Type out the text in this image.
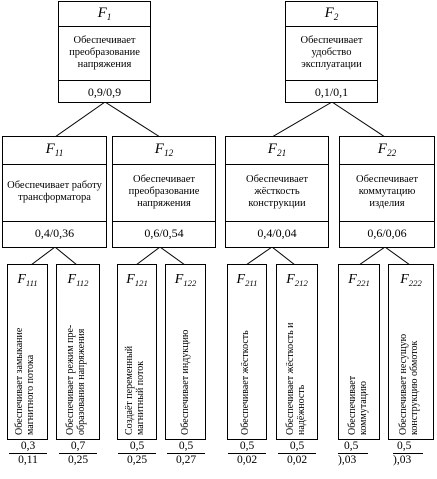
$F_1$
Обеспечивает преобразование напряжения
0,9/0,9
$F_2$
Обеспечивает удобство эксплуатации
0,1/0,1
$F_{11}$
Обеспечивает работу трансформатора
0,4/0,36
$F_{12}$
Обеспечивает преобразование напряжения
0,6/0,54
$F_{21}$
Обеспечивает жёсткость конструкции
0,4/0,04
$F_{22}$
Обеспечивает коммутацию изделия
0,6/0,06
$F_{111}$
Обеспечивает замыкание
магнитного потока
$\frac{0,3}{0,11}$
$F_{112}$
Обеспечивает режим пре-
образования напряжения
$\frac{0,7}{0,25}$
$F_{121}$
Создаёт переменный
магнитный поток
$\frac{0,5}{0,25}$
$F_{122}$
Обеспечивает индукцию
$\frac{0,5}{0,27}$
$F_{211}$
Обеспечивает жёсткость
$\frac{0,5}{0,02}$
$F_{212}$
Обеспечивает жёсткость и
надёжность
$\frac{0,5}{0,02}$
$F_{221}$
Обеспечивает
коммутацию
$\frac{0,5}{),03}$
$F_{222}$
Обеспечивает несущую
конструкцию обмоток
$\frac{0,5}{),03}$
